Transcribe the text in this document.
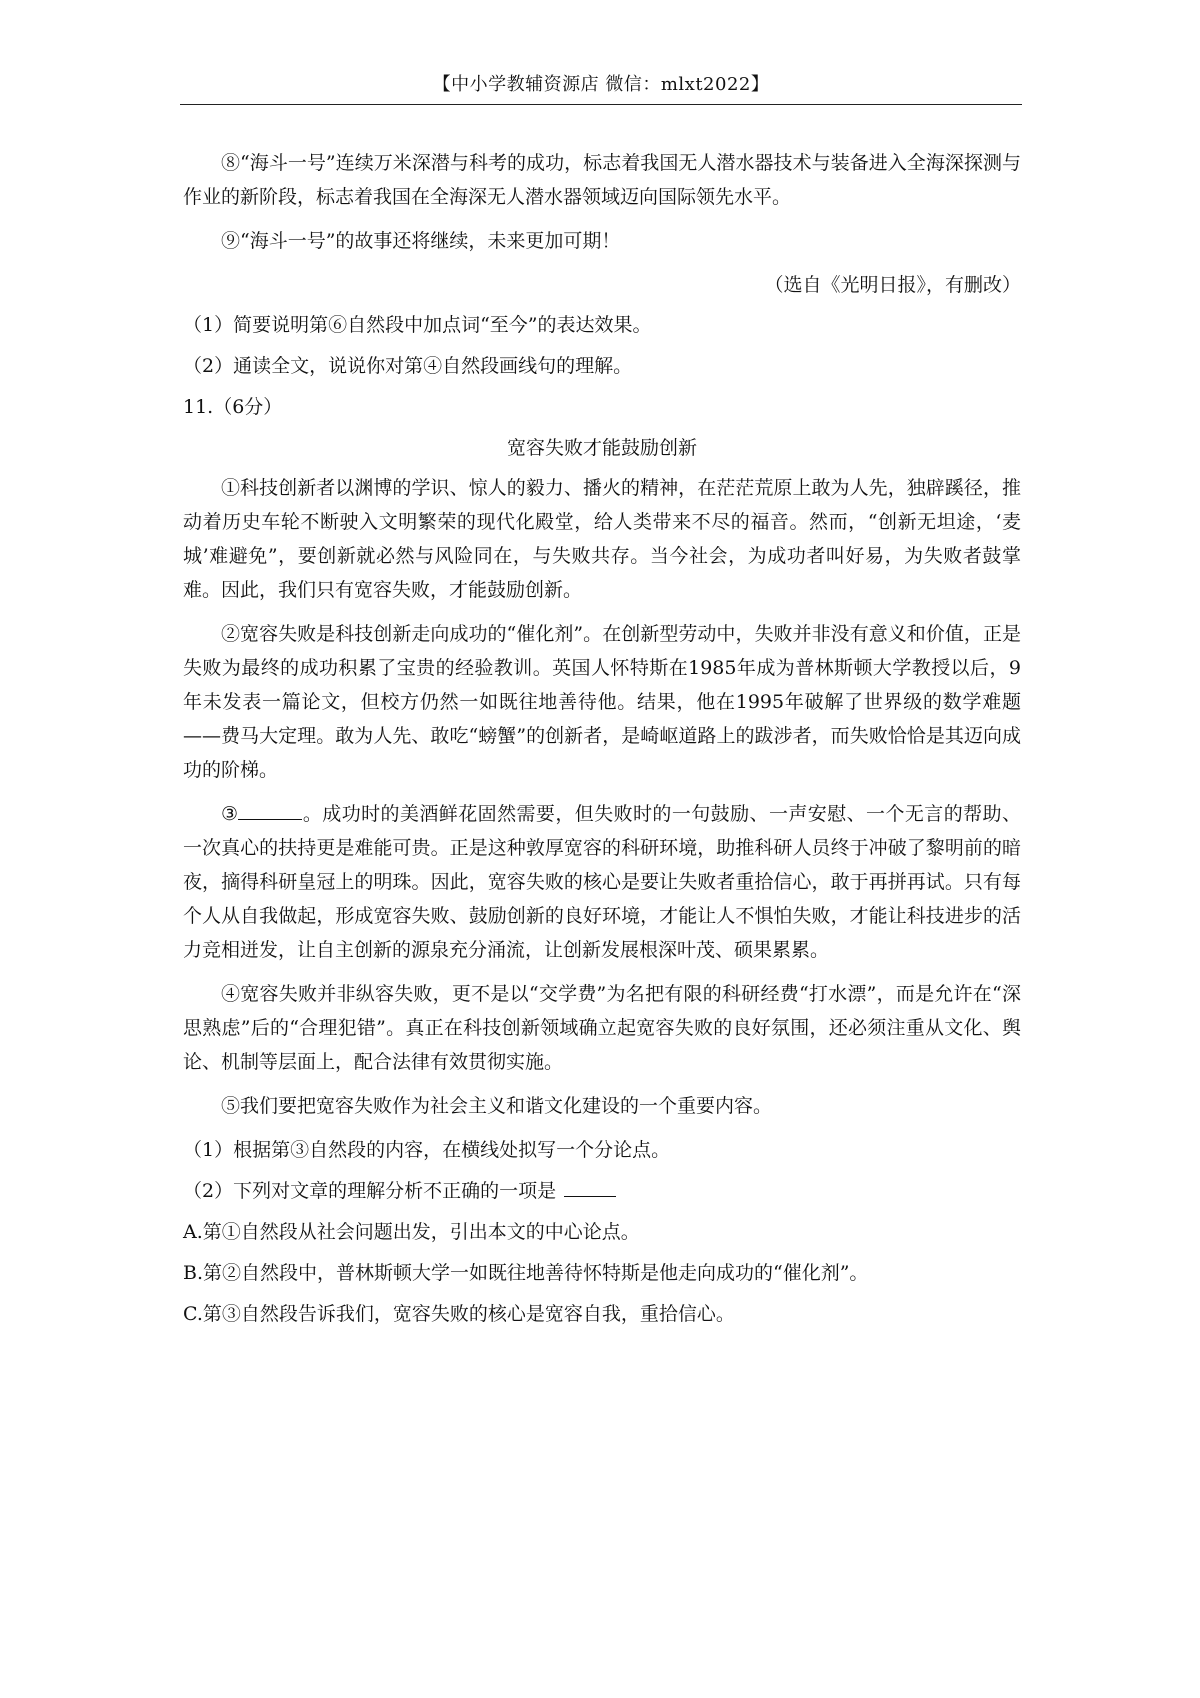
【中小学教辅资源店 微信：mlxt2022】

⑧“海斗一号”连续万米深潜与科考的成功，标志着我国无人潜水器技术与装备进入全海深探测与作业的新阶段，标志着我国在全海深无人潜水器领域迈向国际领先水平。

⑨“海斗一号”的故事还将继续，未来更加可期！

（选自《光明日报》，有删改）

（1）简要说明第⑥自然段中加点词“至今”的表达效果。

（2）通读全文，说说你对第④自然段画线句的理解。

11.（6分）

宽容失败才能鼓励创新

①科技创新者以渊博的学识、惊人的毅力、播火的精神，在茫茫荒原上敢为人先，独辟蹊径，推动着历史车轮不断驶入文明繁荣的现代化殿堂，给人类带来不尽的福音。然而，“创新无坦途，‘麦城’难避免”，要创新就必然与风险同在，与失败共存。当今社会，为成功者叫好易，为失败者鼓掌难。因此，我们只有宽容失败，才能鼓励创新。

②宽容失败是科技创新走向成功的“催化剂”。在创新型劳动中，失败并非没有意义和价值，正是失败为最终的成功积累了宝贵的经验教训。英国人怀特斯在1985年成为普林斯顿大学教授以后，9年未发表一篇论文，但校方仍然一如既往地善待他。结果，他在1995年破解了世界级的数学难题——费马大定理。敢为人先、敢吃“螃蟹”的创新者，是崎岖道路上的跋涉者，而失败恰恰是其迈向成功的阶梯。

③	。成功时的美酒鲜花固然需要，但失败时的一句鼓励、一声安慰、一个无言的帮助、一次真心的扶持更是难能可贵。正是这种敦厚宽容的科研环境，助推科研人员终于冲破了黎明前的暗夜，摘得科研皇冠上的明珠。因此，宽容失败的核心是要让失败者重拾信心，敢于再拼再试。只有每个人从自我做起，形成宽容失败、鼓励创新的良好环境，才能让人不惧怕失败，才能让科技进步的活力竞相迸发，让自主创新的源泉充分涌流，让创新发展根深叶茂、硕果累累。

④宽容失败并非纵容失败，更不是以“交学费”为名把有限的科研经费“打水漂”，而是允许在“深思熟虑”后的“合理犯错”。真正在科技创新领域确立起宽容失败的良好氛围，还必须注重从文化、舆论、机制等层面上，配合法律有效贯彻实施。

⑤我们要把宽容失败作为社会主义和谐文化建设的一个重要内容。

（1）根据第③自然段的内容，在横线处拟写一个分论点。

（2）下列对文章的理解分析不正确的一项是

A.第①自然段从社会问题出发，引出本文的中心论点。

B.第②自然段中，普林斯顿大学一如既往地善待怀特斯是他走向成功的“催化剂”。

C.第③自然段告诉我们，宽容失败的核心是宽容自我，重拾信心。
